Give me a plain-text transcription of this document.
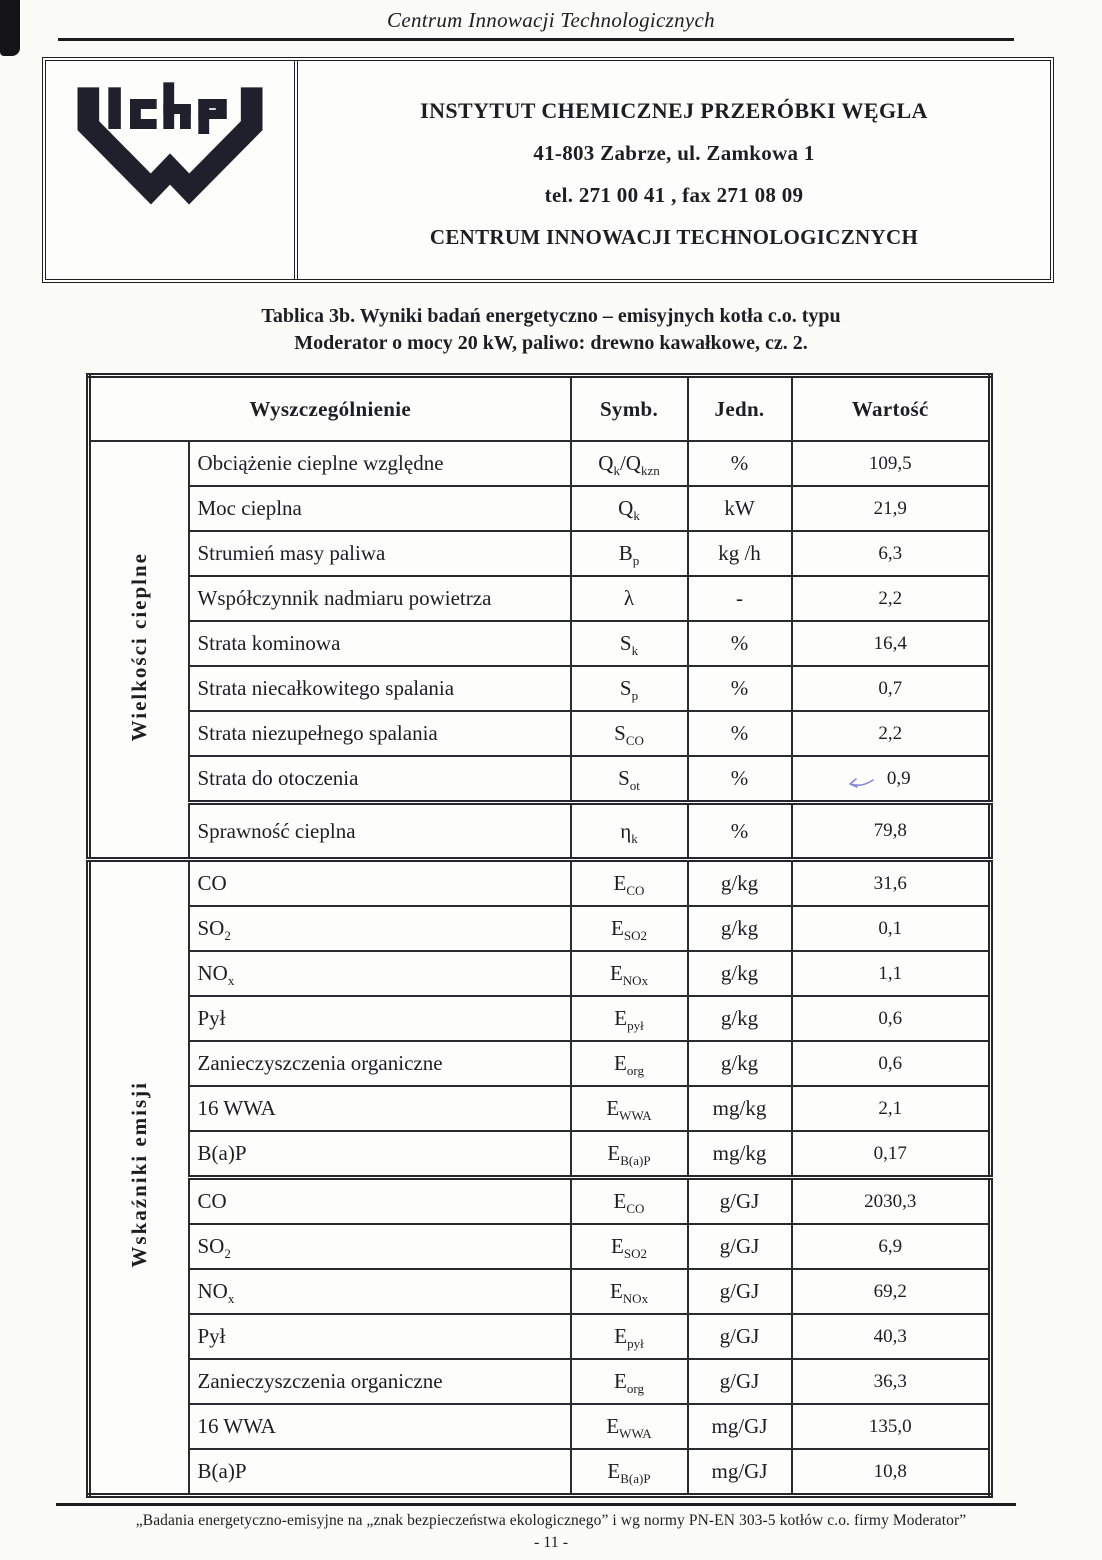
Centrum Innowacji Technologicznych
INSTYTUT CHEMICZNEJ PRZERÓBKI WĘGLA
41-803 Zabrze, ul. Zamkowa 1
tel. 271 00 41 , fax 271 08 09
CENTRUM INNOWACJI TECHNOLOGICZNYCH
Tablica 3b. Wyniki badań energetyczno – emisyjnych kotła c.o. typu
Moderator o mocy 20 kW, paliwo: drewno kawałkowe, cz. 2.
Wyszczególnienie		Symb.	Jedn.	Wartość
Wielkości cieplne	Obciążenie cieplne względne	$Q_k/Q_{kzn}$	%	109,5

	Moc cieplna	$Q_k$	kW	21,9

	Strumień masy paliwa	$B_p$	kg /h	6,3

	Współczynnik nadmiaru powietrza	λ	-	2,2

	Strata kominowa	$S_k$	%	16,4

	Strata niecałkowitego spalania	$S_p$	%	0,7

	Strata niezupełnego spalania	$S_{CO}$	%	2,2

	Strata do otoczenia	$S_{ot}$	%	0,9

	Sprawność cieplna	$\eta_k$	%	79,8

Wskaźniki emisji	CO	$E_{CO}$	g/kg	31,6

	$SO_2$	$E_{SO2}$	g/kg	0,1

	$NO_x$	$E_{NOx}$	g/kg	1,1

	Pył	$E_{pył}$	g/kg	0,6

	Zanieczyszczenia organiczne	$E_{org}$	g/kg	0,6

	16 WWA	$E_{WWA}$	mg/kg	2,1

	B(a)P	$E_{B(a)P}$	mg/kg	0,17

	CO	$E_{CO}$	g/GJ	2030,3

	$SO_2$	$E_{SO2}$	g/GJ	6,9

	$NO_x$	$E_{NOx}$	g/GJ	69,2

	Pył	$E_{pył}$	g/GJ	40,3

	Zanieczyszczenia organiczne	$E_{org}$	g/GJ	36,3

	16 WWA	$E_{WWA}$	mg/GJ	135,0

	B(a)P	$E_{B(a)P}$	mg/GJ	10,8
„Badania energetyczno-emisyjne na „znak bezpieczeństwa ekologicznego” i wg normy PN-EN 303-5 kotłów c.o. firmy Moderator”
- 11 -
